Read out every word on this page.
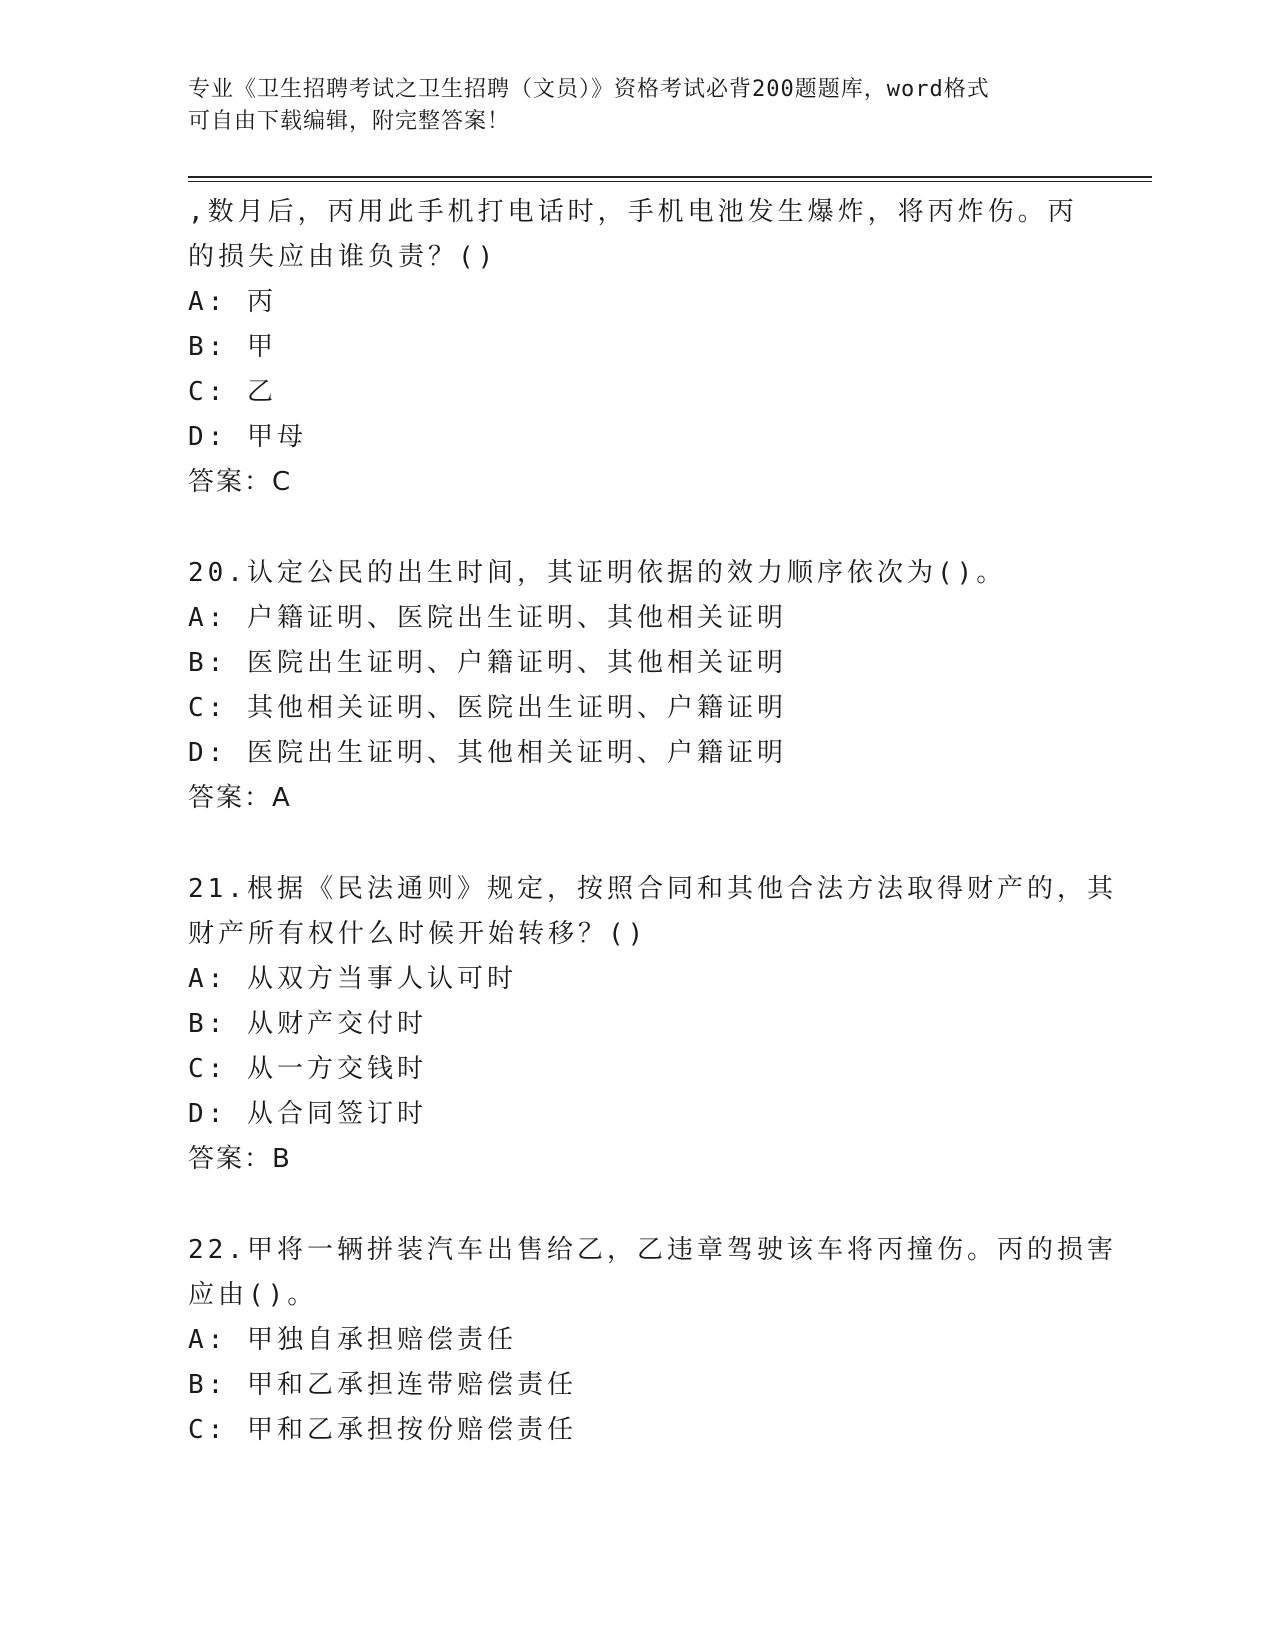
专业《卫生招聘考试之卫生招聘（文员）》资格考试必背200题题库，word格式
可自由下载编辑，附完整答案！
,数月后，丙用此手机打电话时，手机电池发生爆炸，将丙炸伤。丙
的损失应由谁负责？()
A: 丙
B: 甲
C: 乙
D: 甲母
答案：C
20.认定公民的出生时间，其证明依据的效力顺序依次为()。
A: 户籍证明、医院出生证明、其他相关证明
B: 医院出生证明、户籍证明、其他相关证明
C: 其他相关证明、医院出生证明、户籍证明
D: 医院出生证明、其他相关证明、户籍证明
答案：A
21.根据《民法通则》规定，按照合同和其他合法方法取得财产的，其
财产所有权什么时候开始转移？()
A: 从双方当事人认可时
B: 从财产交付时
C: 从一方交钱时
D: 从合同签订时
答案：B
22.甲将一辆拼装汽车出售给乙，乙违章驾驶该车将丙撞伤。丙的损害
应由()。
A: 甲独自承担赔偿责任
B: 甲和乙承担连带赔偿责任
C: 甲和乙承担按份赔偿责任
